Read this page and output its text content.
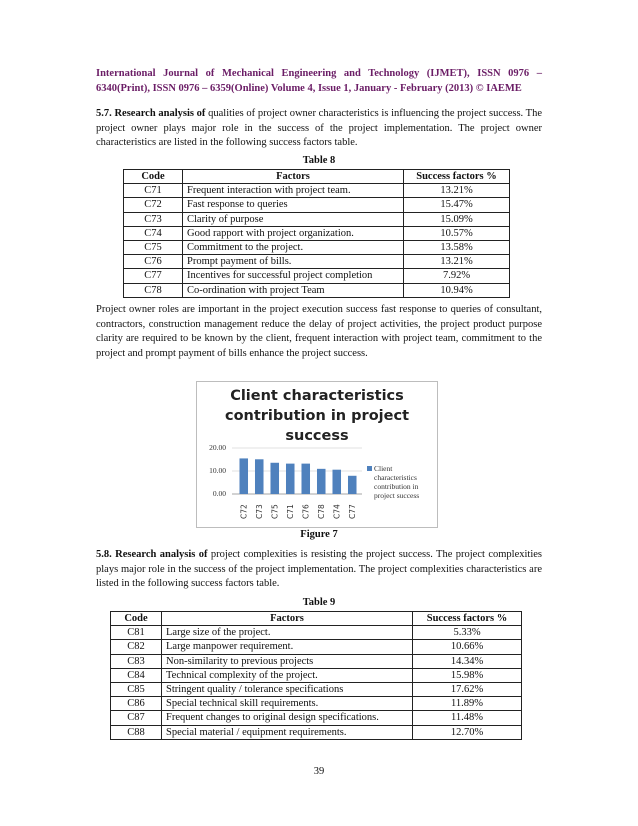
International Journal of Mechanical Engineering and Technology (IJMET), ISSN 0976 – 6340(Print), ISSN 0976 – 6359(Online) Volume 4, Issue 1, January - February (2013) © IAEME
5.7. Research analysis of qualities of project owner characteristics is influencing the project success. The project owner plays major role in the success of the project implementation. The project owner characteristics are listed in the following success factors table.
Table 8
Code	Factors	Success factors %
C71	Frequent interaction with project team.	13.21%
C72	Fast response to queries	15.47%
C73	Clarity of purpose	15.09%
C74	Good rapport with project organization.	10.57%
C75	Commitment to the project.	13.58%
C76	Prompt payment of bills.	13.21%
C77	Incentives for successful project completion	7.92%
C78	Co-ordination with project Team	10.94%
Project owner roles are important in the project execution success fast response to queries of consultant, contractors, construction management reduce the delay of project activities, the project product purpose clarity are required to be known by the client, frequent interaction with project team, commitment to the project and prompt payment of bills enhance the project success.
Client characteristics
contribution in project
success
20.00
10.00
0.00
C72 C73 C75 C71 C76 C78 C74 C77
Client
characteristics
contribution in
project success
Figure 7
5.8. Research analysis of project complexities is resisting the project success. The project complexities plays major role in the success of the project implementation. The project complexities characteristics are listed in the following success factors table.
Table 9
Code	Factors	Success factors %
C81	Large size of the project.	5.33%
C82	Large manpower requirement.	10.66%
C83	Non-similarity to previous projects	14.34%
C84	Technical complexity of the project.	15.98%
C85	Stringent quality / tolerance specifications	17.62%
C86	Special technical skill requirements.	11.89%
C87	Frequent changes to original design specifications.	11.48%
C88	Special material / equipment requirements.	12.70%
39
